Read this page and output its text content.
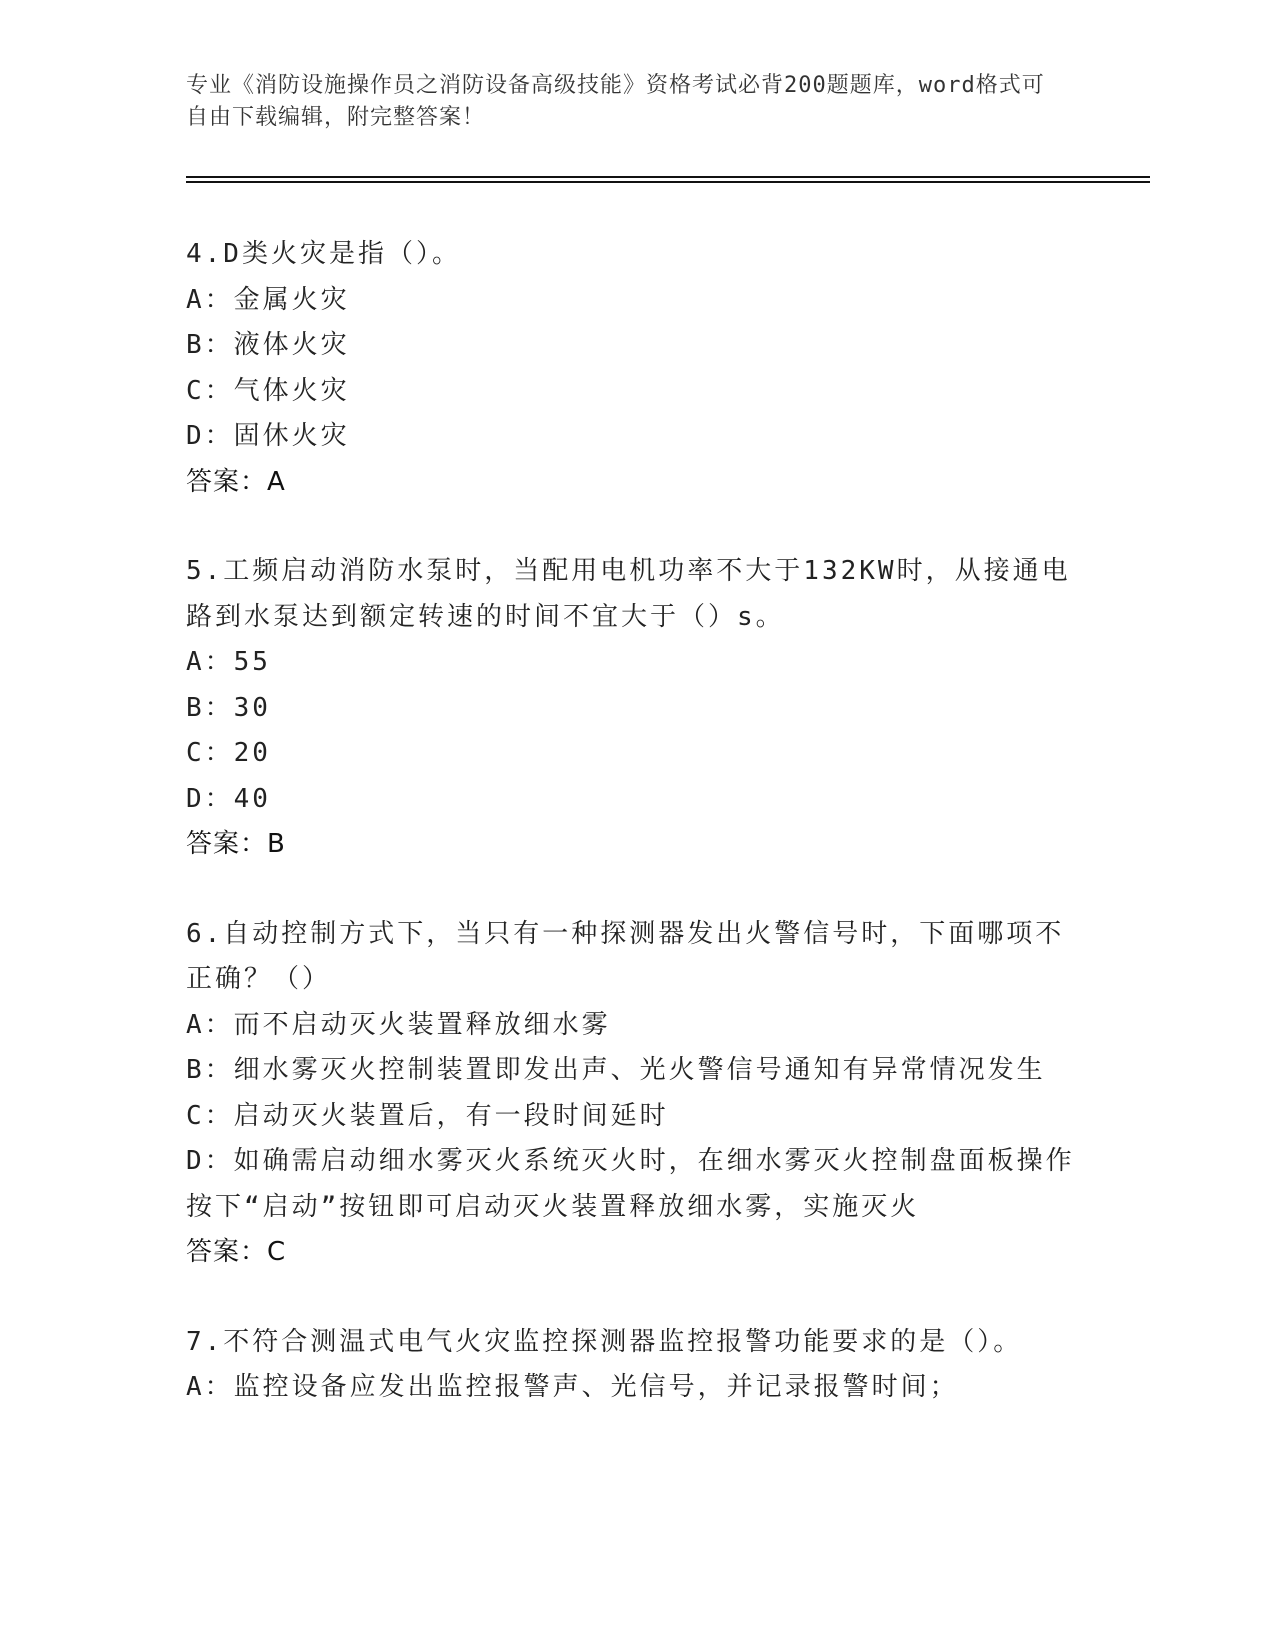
专业《消防设施操作员之消防设备高级技能》资格考试必背200题题库，word格式可自由下载编辑，附完整答案！
4.D类火灾是指（）。
A：金属火灾
B：液体火灾
C：气体火灾
D：固休火灾
答案：A
5.工频启动消防水泵时，当配用电机功率不大于132KW时，从接通电路到水泵达到额定转速的时间不宜大于（）s。
A：55
B：30
C：20
D：40
答案：B
6.自动控制方式下，当只有一种探测器发出火警信号时，下面哪项不正确？（）
A：而不启动灭火装置释放细水雾
B：细水雾灭火控制装置即发出声、光火警信号通知有异常情况发生
C：启动灭火装置后，有一段时间延时
D：如确需启动细水雾灭火系统灭火时，在细水雾灭火控制盘面板操作按下“启动”按钮即可启动灭火装置释放细水雾，实施灭火
答案：C
7.不符合测温式电气火灾监控探测器监控报警功能要求的是（）。
A：监控设备应发出监控报警声、光信号，并记录报警时间；
